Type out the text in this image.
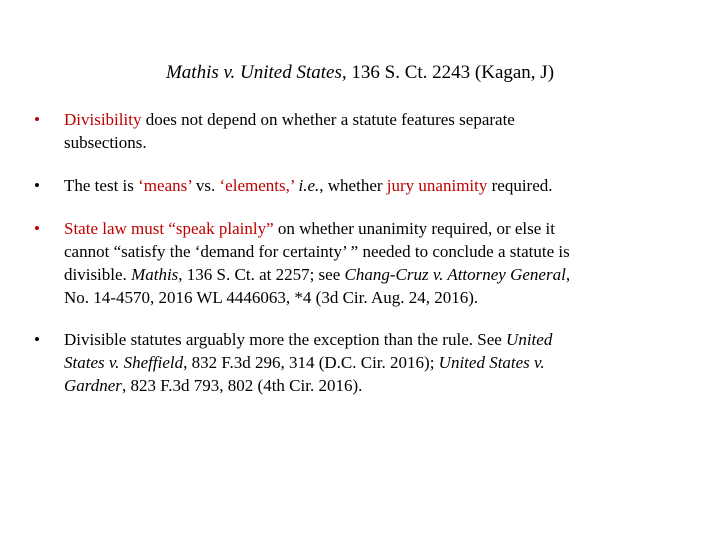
Mathis v. United States, 136 S. Ct. 2243 (Kagan, J)
•	Divisibility does not depend on whether a statute features separate
subsections.
•	The test is ‘means’ vs. ‘elements,’ i.e., whether jury unanimity required.
•	State law must “speak plainly” on whether unanimity required, or else it
cannot “satisfy the ‘demand for certainty’ ” needed to conclude a statute is
divisible. Mathis, 136 S. Ct. at 2257; see Chang-Cruz v. Attorney General,
No. 14-4570, 2016 WL 4446063, *4 (3d Cir. Aug. 24, 2016).
•	Divisible statutes arguably more the exception than the rule. See United
States v. Sheffield, 832 F.3d 296, 314 (D.C. Cir. 2016); United States v.
Gardner, 823 F.3d 793, 802 (4th Cir. 2016).
